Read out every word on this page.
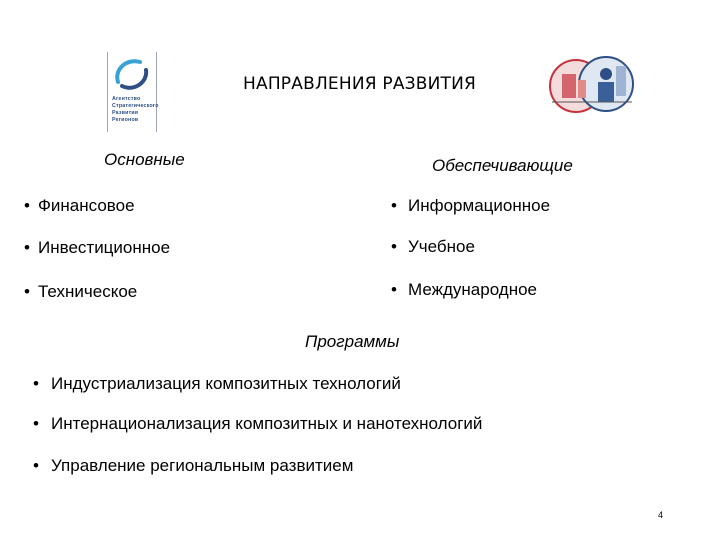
Агентство
Стратегического
Развития
Регионов
НАПРАВЛЕНИЯ РАЗВИТИЯ
Основные	Обеспечивающие
• Финансовое
• Инвестиционное
• Техническое
• Информационное
• Учебное
• Международное
Программы
• Индустриализация композитных технологий
• Интернационализация композитных и нанотехнологий
• Управление региональным развитием
4
